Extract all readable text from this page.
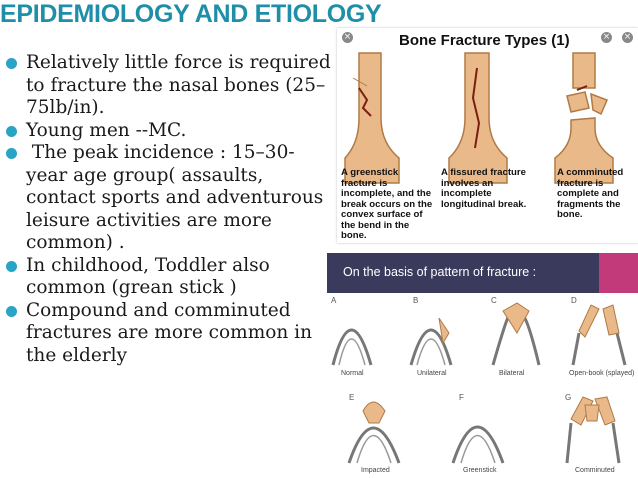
EPIDEMIOLOGY AND ETIOLOGY
Relatively little force is required to fracture the nasal bones (25–75lb/in).
Young men --MC.
The peak incidence : 15–30-year age group( assaults, contact sports and adventurous leisure activities are more common) .
In childhood, Toddler also common (grean stick )
Compound and comminuted fractures are more common in the elderly
×	× ×
Bone Fracture Types (1)
A greenstick fracture is incomplete, and the break occurs on the convex surface of the bend in the bone.
A fissured fracture involves an incomplete longitudinal break.
A comminuted fracture is complete and fragments the bone.
On the basis of pattern of fracture :
A	B	C	D
E	F	G
Normal	Unilateral	Bilateral	Open-book (splayed)
Impacted	Greenstick	Comminuted
